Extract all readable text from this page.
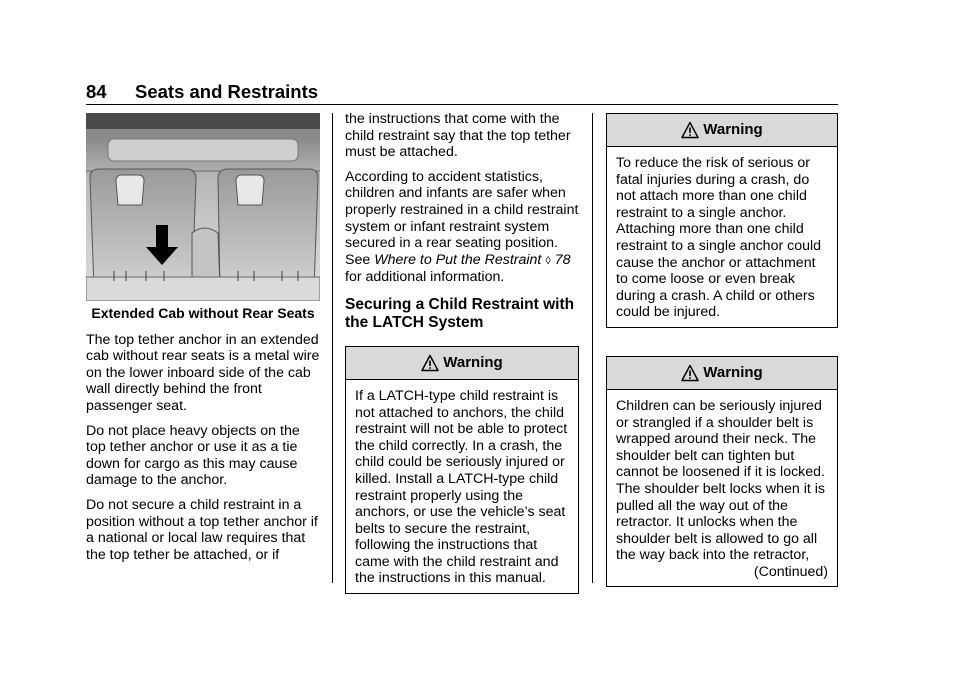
84 Seats and Restraints

Extended Cab without Rear Seats

The top tether anchor in an extended cab without rear seats is a metal wire on the lower inboard side of the cab wall directly behind the front passenger seat.

Do not place heavy objects on the top tether anchor or use it as a tie down for cargo as this may cause damage to the anchor.

Do not secure a child restraint in a position without a top tether anchor if a national or local law requires that the top tether be attached, or if

the instructions that come with the child restraint say that the top tether must be attached.

According to accident statistics, children and infants are safer when properly restrained in a child restraint system or infant restraint system secured in a rear seating position. See Where to Put the Restraint ◊ 78 for additional information.

Securing a Child Restraint with the LATCH System
Warning

If a LATCH-type child restraint is not attached to anchors, the child restraint will not be able to protect the child correctly. In a crash, the child could be seriously injured or killed. Install a LATCH-type child restraint properly using the anchors, or use the vehicle’s seat belts to secure the restraint, following the instructions that came with the child restraint and the instructions in this manual.

Warning

To reduce the risk of serious or fatal injuries during a crash, do not attach more than one child restraint to a single anchor. Attaching more than one child restraint to a single anchor could cause the anchor or attachment to come loose or even break during a crash. A child or others could be injured.

Warning

Children can be seriously injured or strangled if a shoulder belt is wrapped around their neck. The shoulder belt can tighten but cannot be loosened if it is locked. The shoulder belt locks when it is pulled all the way out of the retractor. It unlocks when the shoulder belt is allowed to go all the way back into the retractor,

(Continued)
